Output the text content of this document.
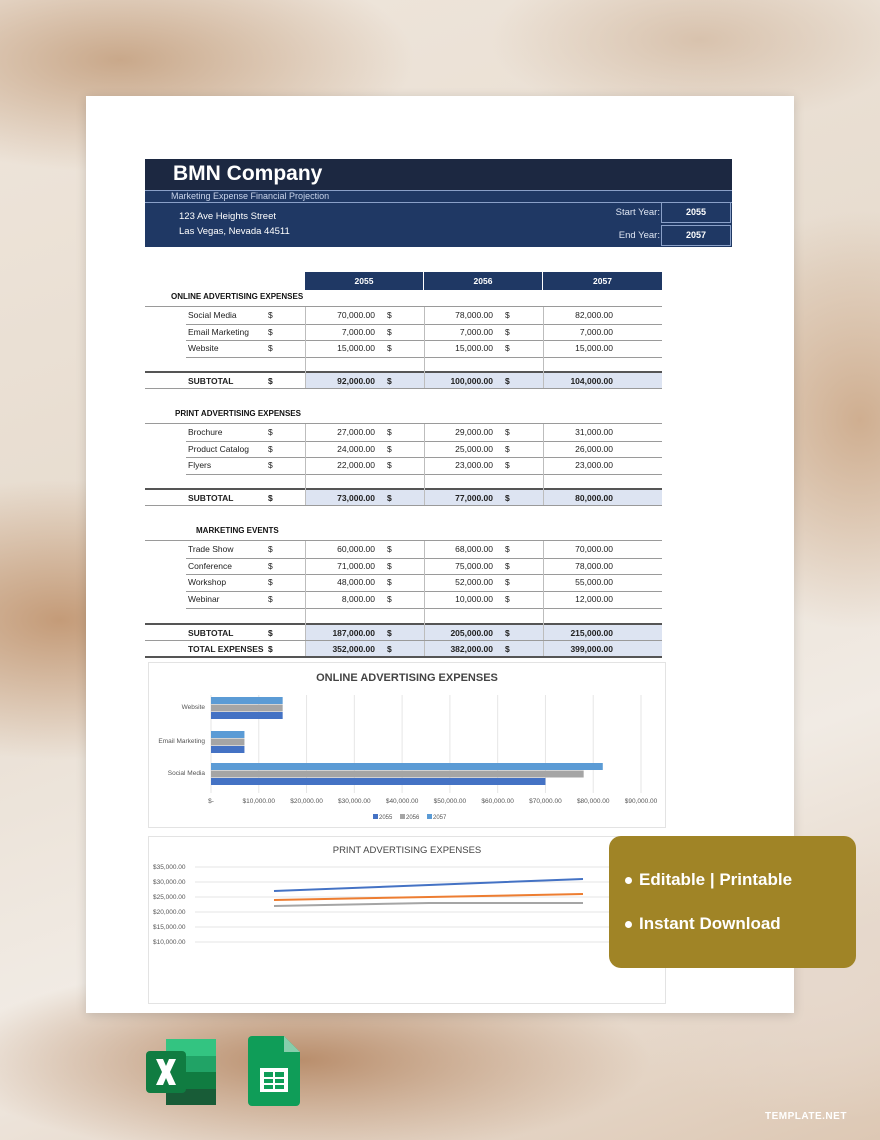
BMN Company
Marketing Expense Financial Projection
123 Ave Heights Street
Las Vegas, Nevada 44511
Start Year:	2055
End Year:	2057
2055	2056	2057
ONLINE ADVERTISING EXPENSES
Social Media	$	70,000.00 $	78,000.00 $	82,000.00
Email Marketing $	7,000.00 $	7,000.00 $	7,000.00
Website	$	15,000.00 $	15,000.00 $	15,000.00
SUBTOTAL	$	92,000.00 $	100,000.00 $	104,000.00
PRINT ADVERTISING EXPENSES
Brochure	$	27,000.00 $	29,000.00 $	31,000.00
Product Catalog $	24,000.00 $	25,000.00 $	26,000.00
Flyers	$	22,000.00 $	23,000.00 $	23,000.00
SUBTOTAL	$	73,000.00 $	77,000.00 $	80,000.00
MARKETING EVENTS
Trade Show	$	60,000.00 $	68,000.00 $	70,000.00
Conference	$	71,000.00 $	75,000.00 $	78,000.00
Workshop	$	48,000.00 $	52,000.00 $	55,000.00
Webinar	$	8,000.00 $	10,000.00 $	12,000.00
SUBTOTAL	$	187,000.00 $	205,000.00 $	215,000.00
TOTAL EXPENSES $	352,000.00 $	382,000.00 $	399,000.00
ONLINE ADVERTISING EXPENSES
$-	$10,000.00 $20,000.00 $30,000.00 $40,000.00 $50,000.00 $60,000.00 $70,000.00 $80,000.00 $90,000.00
Website
Email Marketing
Social Media
2055 2056 2057
PRINT ADVERTISING EXPENSES
$35,000.00
$30,000.00
$25,000.00
$20,000.00
$15,000.00
$10,000.00
Editable | Printable
Instant Download
TEMPLATE.NET
